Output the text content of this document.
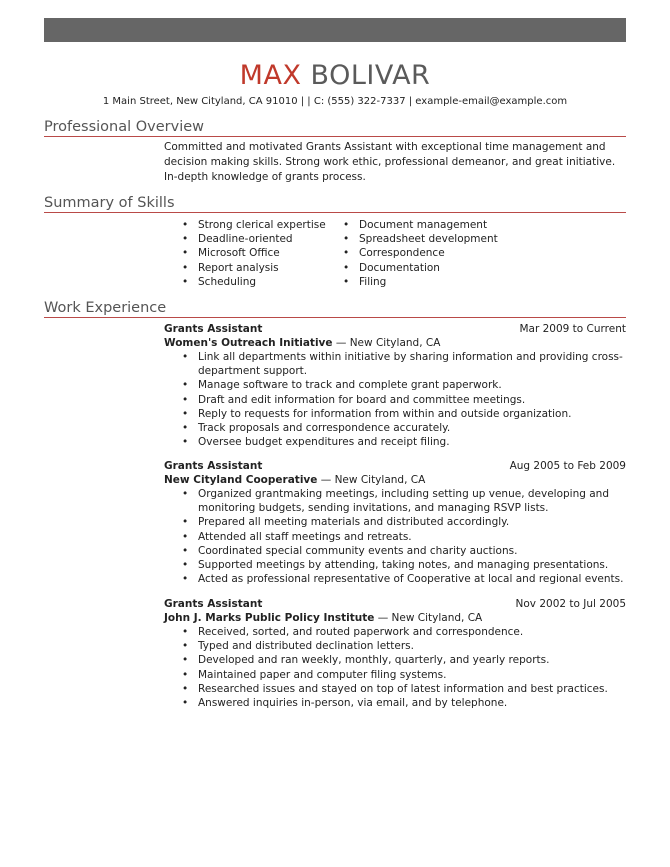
MAX BOLIVAR
1 Main Street, New Cityland, CA 91010 | | C: (555) 322-7337 | example-email@example.com
Professional Overview

Committed and motivated Grants Assistant with exceptional time management and decision making skills. Strong work ethic, professional demeanor, and great initiative. In-depth knowledge of grants process.

Summary of Skills
• Strong clerical expertise
• Deadline-oriented
• Microsoft Office
• Report analysis
• Scheduling
• Document management
• Spreadsheet development
• Correspondence
• Documentation
• Filing
Work Experience
Grants Assistant	Mar 2009 to Current
Women's Outreach Initiative — New Cityland, CA
• Link all departments within initiative by sharing information and providing cross-department support.
• Manage software to track and complete grant paperwork.
• Draft and edit information for board and committee meetings.
• Reply to requests for information from within and outside organization.
• Track proposals and correspondence accurately.
• Oversee budget expenditures and receipt filing.
Grants Assistant	Aug 2005 to Feb 2009
New Cityland Cooperative — New Cityland, CA
• Organized grantmaking meetings, including setting up venue, developing and monitoring budgets, sending invitations, and managing RSVP lists.
• Prepared all meeting materials and distributed accordingly.
• Attended all staff meetings and retreats.
• Coordinated special community events and charity auctions.
• Supported meetings by attending, taking notes, and managing presentations.
• Acted as professional representative of Cooperative at local and regional events.
Grants Assistant	Nov 2002 to Jul 2005
John J. Marks Public Policy Institute — New Cityland, CA
• Received, sorted, and routed paperwork and correspondence.
• Typed and distributed declination letters.
• Developed and ran weekly, monthly, quarterly, and yearly reports.
• Maintained paper and computer filing systems.
• Researched issues and stayed on top of latest information and best practices.
• Answered inquiries in-person, via email, and by telephone.
